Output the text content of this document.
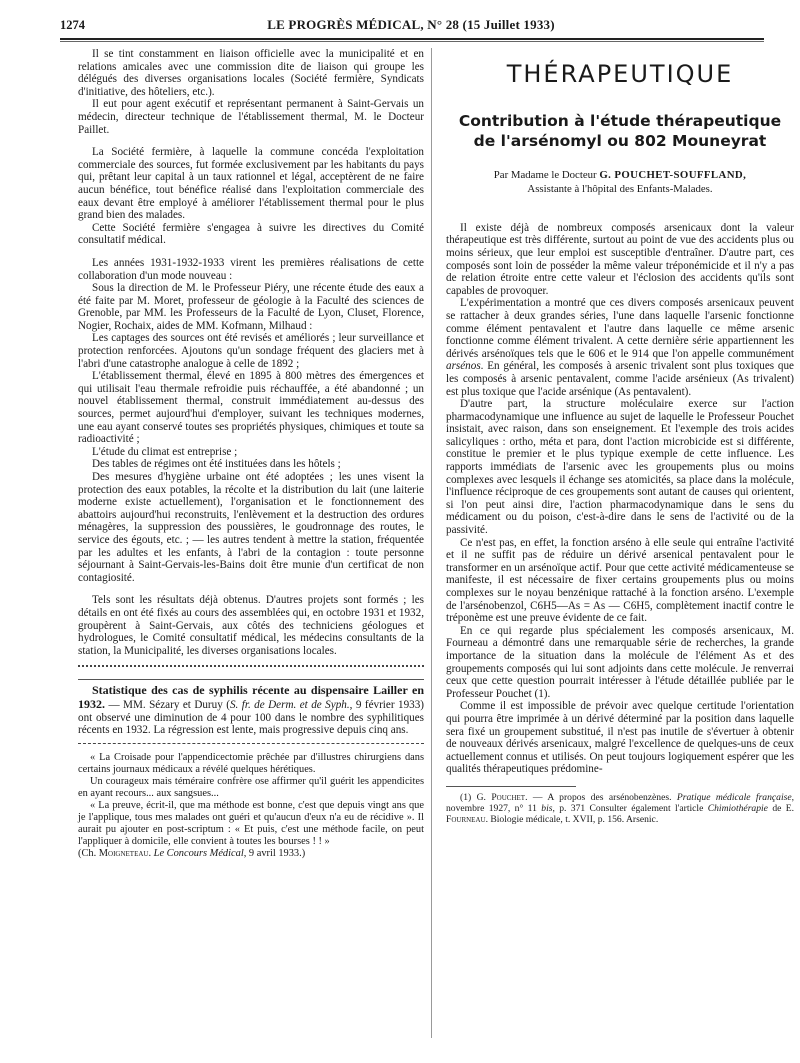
1274	LE PROGRÈS MÉDICAL, N° 28 (15 Juillet 1933)

Il se tint constamment en liaison officielle avec la municipalité et en relations amicales avec une commission dite de liaison qui groupe les délégués des diverses organisations locales (Société fermière, Syndicats d'initiative, des hôteliers, etc.).

Il eut pour agent exécutif et représentant permanent à Saint-Gervais un médecin, directeur technique de l'établissement thermal, M. le Docteur Paillet.

La Société fermière, à laquelle la commune concéda l'exploitation commerciale des sources, fut formée exclusivement par les habitants du pays qui, prêtant leur capital à un taux rationnel et légal, acceptèrent de ne faire aucun bénéfice, tout bénéfice réalisé dans l'exploitation commerciale des eaux devant être employé à améliorer l'établissement thermal pour le plus grand bien des malades.

Cette Société fermière s'engagea à suivre les directives du Comité consultatif médical.

Les années 1931-1932-1933 virent les premières réalisations de cette collaboration d'un mode nouveau :

Sous la direction de M. le Professeur Piéry, une récente étude des eaux a été faite par M. Moret, professeur de géologie à la Faculté des sciences de Grenoble, par MM. les Professeurs de la Faculté de Lyon, Cluset, Florence, Nogier, Rochaix, aides de MM. Kofmann, Milhaud :

Les captages des sources ont été revisés et améliorés ; leur surveillance et protection renforcées. Ajoutons qu'un sondage fréquent des glaciers met à l'abri d'une catastrophe analogue à celle de 1892 ;

L'établissement thermal, élevé en 1895 à 800 mètres des émergences et qui utilisait l'eau thermale refroidie puis réchauffée, a été abandonné ; un nouvel établissement thermal, construit immédiatement au-dessus des sources, permet aujourd'hui d'employer, suivant les techniques modernes, une eau ayant conservé toutes ses propriétés physiques, chimiques et toute sa radioactivité ;

L'étude du climat est entreprise ;

Des tables de régimes ont été instituées dans les hôtels ;

Des mesures d'hygiène urbaine ont été adoptées ; les unes visent la protection des eaux potables, la récolte et la distribution du lait (une laiterie moderne existe actuellement), l'organisation et le fonctionnement des abattoirs aujourd'hui reconstruits, l'enlèvement et la destruction des ordures ménagères, la suppression des poussières, le goudronnage des routes, le service des égouts, etc. ; — les autres tendent à mettre la station, fréquentée par les adultes et les enfants, à l'abri de la contagion : toute personne séjournant à Saint-Gervais-les-Bains doit être munie d'un certificat de non contagiosité.

Tels sont les résultats déjà obtenus. D'autres projets sont formés ; les détails en ont été fixés au cours des assemblées qui, en octobre 1931 et 1932, groupèrent à Saint-Gervais, aux côtés des techniciens géologues et hydrologues, le Comité consultatif médical, les médecins consultants de la station, la Municipalité, les diverses organisations locales.

Statistique des cas de syphilis récente au dispensaire Lailler en 1932. — MM. Sézary et Duruy (S. fr. de Derm. et de Syph., 9 février 1933) ont observé une diminution de 4 pour 100 dans le nombre des syphilitiques récents en 1932. La régression est lente, mais progressive depuis cinq ans.

« La Croisade pour l'appendicectomie prêchée par d'illustres chirurgiens dans certains journaux médicaux a révélé quelques hérétiques.

Un courageux mais téméraire confrère ose affirmer qu'il guérit les appendicites en ayant recours... aux sangsues...

« La preuve, écrit-il, que ma méthode est bonne, c'est que depuis vingt ans que je l'applique, tous mes malades ont guéri et qu'aucun d'eux n'a eu de récidive ». Il aurait pu ajouter en post-scriptum : « Et puis, c'est une méthode facile, on peut l'appliquer à domicile, elle convient à toutes les bourses ! ! »

(Ch. Moigneteau. Le Concours Médical, 9 avril 1933.)

THÉRAPEUTIQUE
Contribution à l'étude thérapeutique
de l'arsénomyl ou 802 Mouneyrat
Par Madame le Docteur G. POUCHET-SOUFFLAND,
Assistante à l'hôpital des Enfants-Malades.

Il existe déjà de nombreux composés arsenicaux dont la valeur thérapeutique est très différente, surtout au point de vue des accidents plus ou moins sérieux, que leur emploi est susceptible d'entraîner. D'autre part, ces composés sont loin de posséder la même valeur tréponémicide et il n'y a pas de relation étroite entre cette valeur et l'éclosion des accidents qu'ils sont capables de provoquer.

L'expérimentation a montré que ces divers composés arsenicaux peuvent se rattacher à deux grandes séries, l'une dans laquelle l'arsenic fonctionne comme élément pentavalent et l'autre dans laquelle ce même arsenic fonctionne comme élément trivalent. A cette dernière série appartiennent les dérivés arsénoïques tels que le 606 et le 914 que l'on appelle communément arsénos. En général, les composés à arsenic trivalent sont plus toxiques que les composés à arsenic pentavalent, comme l'acide arsénieux (As trivalent) est plus toxique que l'acide arsénique (As pentavalent).

D'autre part, la structure moléculaire exerce sur l'action pharmacodynamique une influence au sujet de laquelle le Professeur Pouchet insistait, avec raison, dans son enseignement. Et l'exemple des trois acides salicyliques : ortho, méta et para, dont l'action microbicide est si différente, constitue le premier et le plus typique exemple de cette influence. Les rapports immédiats de l'arsenic avec les groupements plus ou moins complexes avec lesquels il échange ses atomicités, sa place dans la molécule, l'influence réciproque de ces groupements sont autant de causes qui orientent, si l'on peut ainsi dire, l'action pharmacodynamique dans le sens du médicament ou du poison, c'est-à-dire dans le sens de l'activité ou de la passivité.

Ce n'est pas, en effet, la fonction arséno à elle seule qui entraîne l'activité et il ne suffit pas de réduire un dérivé arsenical pentavalent pour le transformer en un arsénoïque actif. Pour que cette activité médicamenteuse se manifeste, il est nécessaire de fixer certains groupements plus ou moins complexes sur le noyau benzénique rattaché à la fonction arséno. L'exemple de l'arsénobenzol, C6H5—As = As — C6H5, complètement inactif contre le tréponème est une preuve évidente de ce fait.

En ce qui regarde plus spécialement les composés arsenicaux, M. Fourneau a démontré dans une remarquable série de recherches, la grande importance de la situation dans la molécule de l'élément As et des groupements composés qui lui sont adjoints dans cette molécule. Je renverrai ceux que cette question pourrait intéresser à l'étude détaillée publiée par le Professeur Pouchet (1).

Comme il est impossible de prévoir avec quelque certitude l'orientation qui pourra être imprimée à un dérivé déterminé par la position dans laquelle sera fixé un groupement substitué, il n'est pas inutile de s'évertuer à obtenir de nouveaux dérivés arsenicaux, malgré l'excellence de quelques-uns de ceux actuellement connus et utilisés. On peut toujours logiquement espérer que les qualités thérapeutiques prédomine-

(1) G. Pouchet. — A propos des arsénobenzènes. Pratique médicale française, novembre 1927, n° 11 bis, p. 371 Consulter également l'article Chimiothérapie de E. Fourneau. Biologie médicale, t. XVII, p. 156. Arsenic.
